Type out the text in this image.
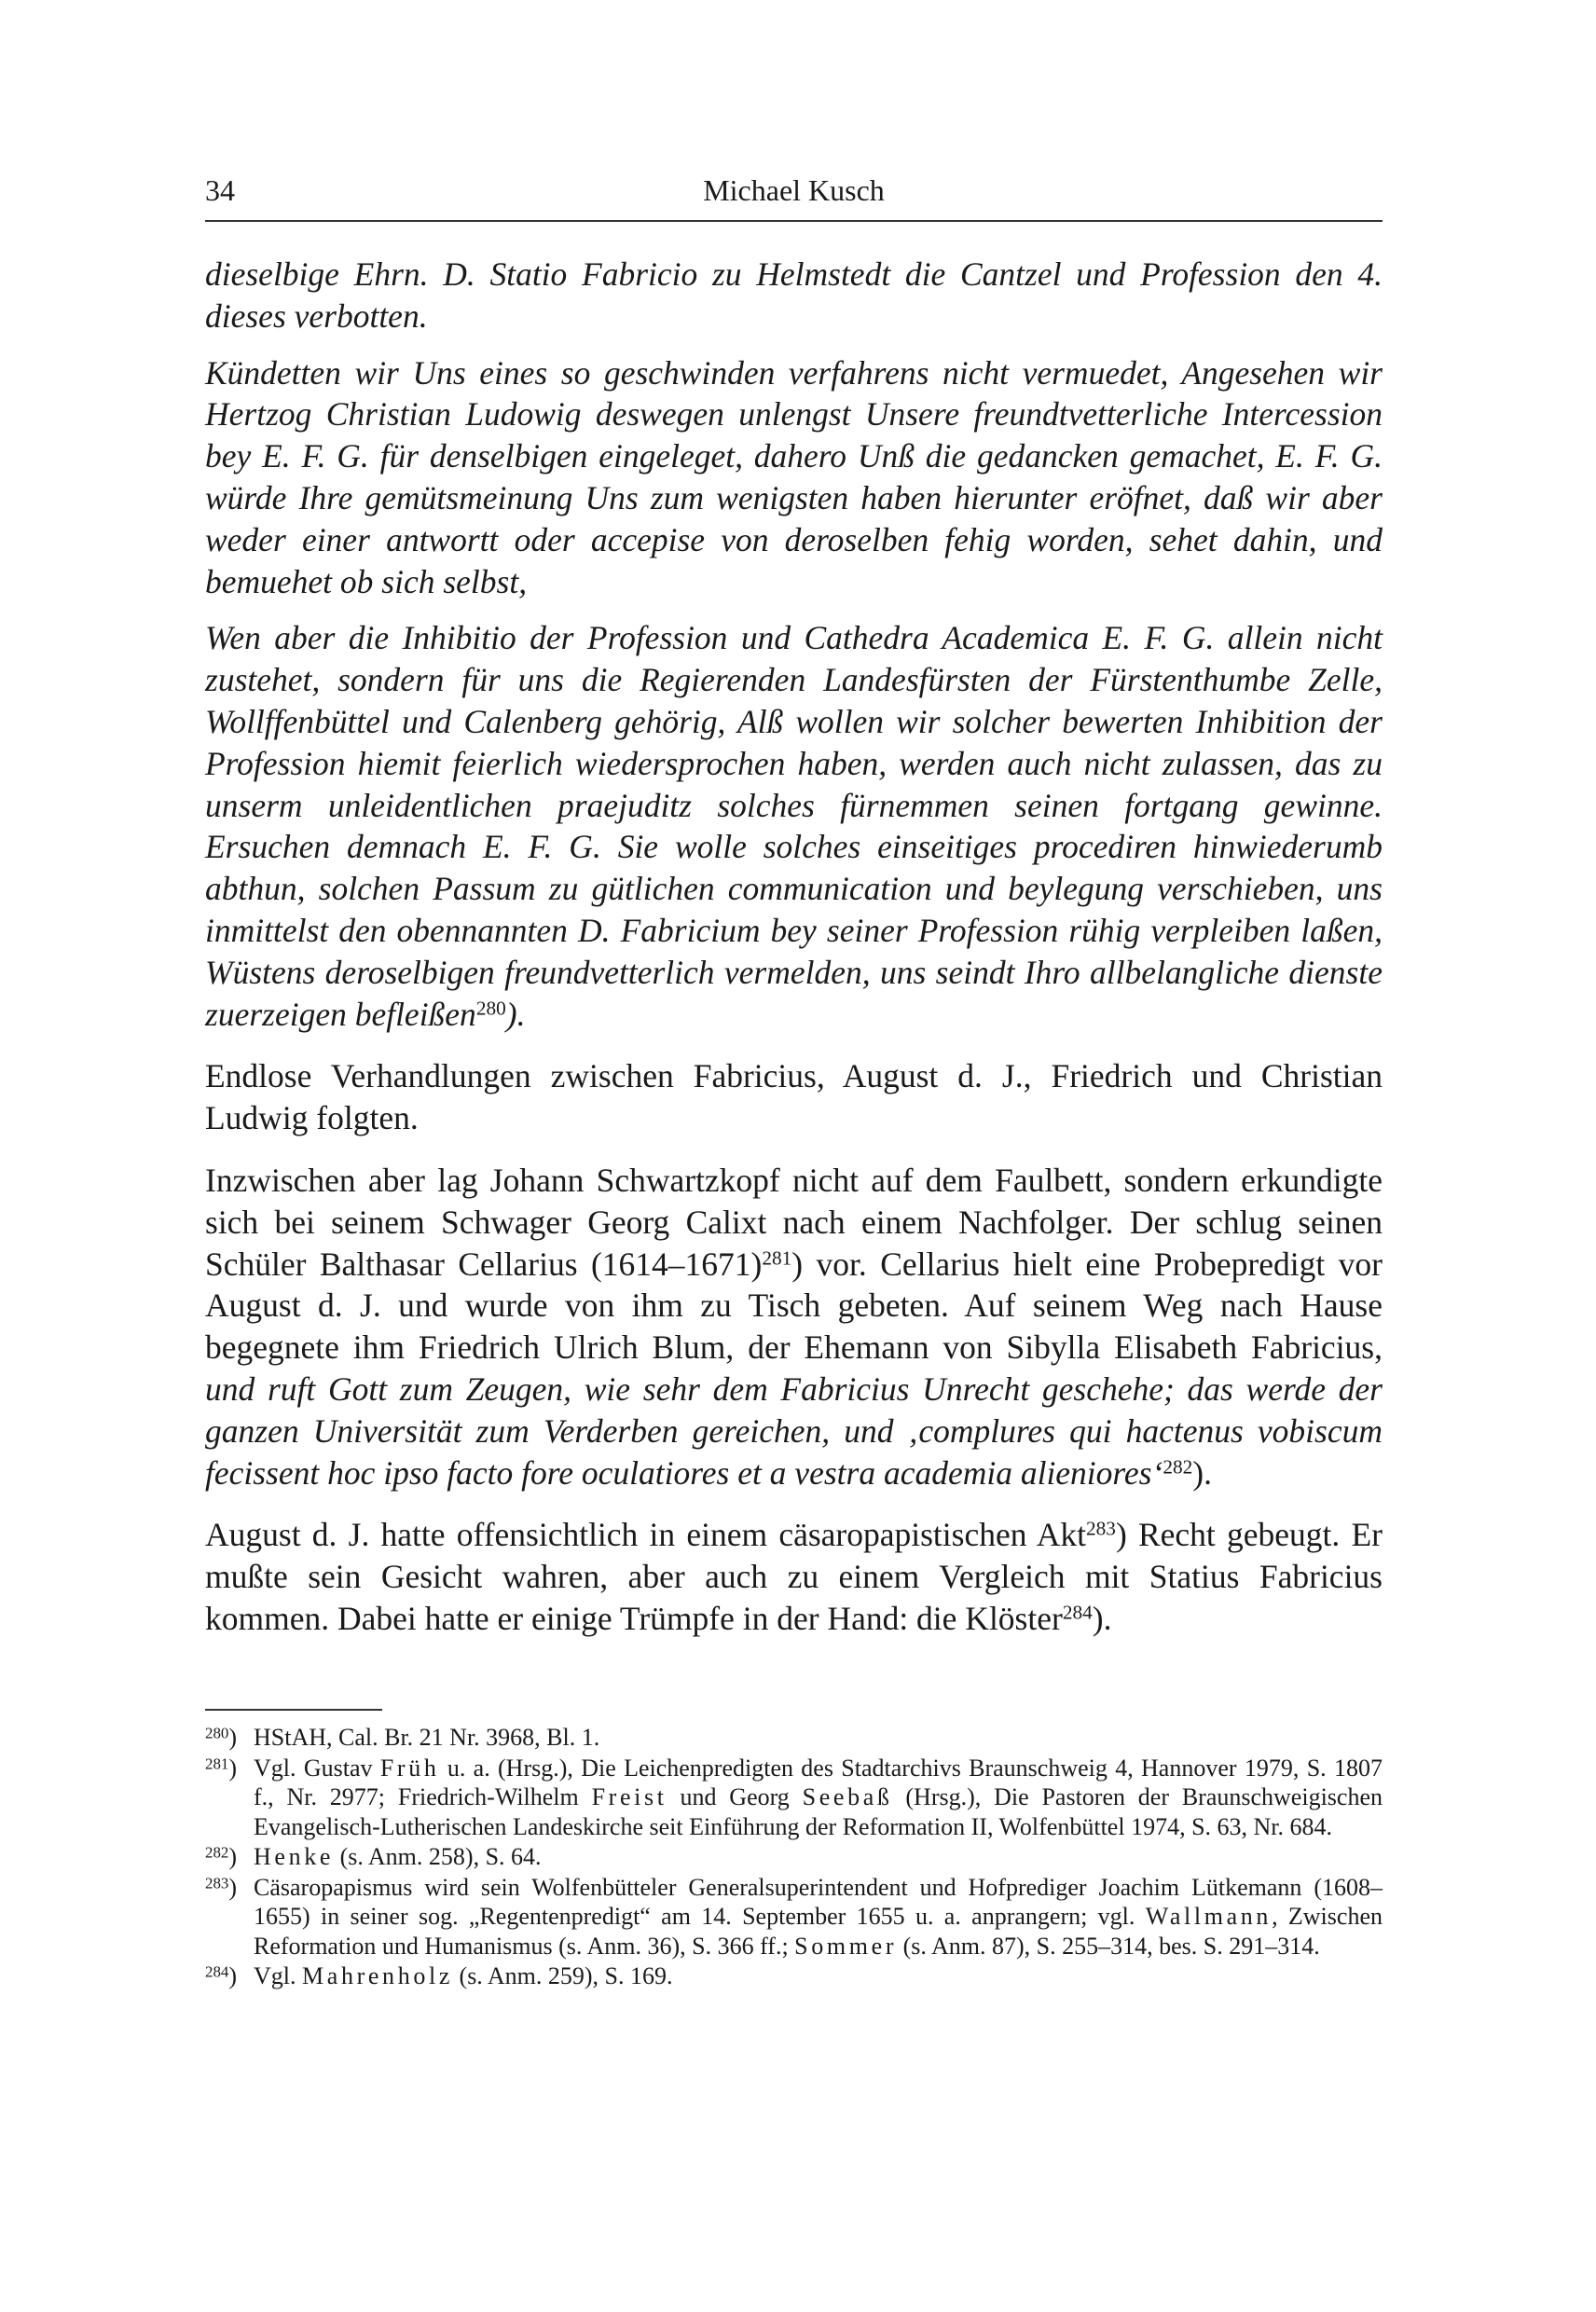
34	Michael Kusch

dieselbige Ehrn. D. Statio Fabricio zu Helmstedt die Cantzel und Profession den 4. dieses verbotten.

Kündetten wir Uns eines so geschwinden verfahrens nicht vermuedet, Angesehen wir Hertzog Christian Ludowig deswegen unlengst Unsere freundtvetterliche Intercession bey E. F. G. für denselbigen eingeleget, dahero Unß die gedancken gemachet, E. F. G. würde Ihre gemütsmeinung Uns zum wenigsten haben hierunter eröfnet, daß wir aber weder einer antwortt oder accepise von deroselben fehig worden, sehet dahin, und bemuehet ob sich selbst,

Wen aber die Inhibitio der Profession und Cathedra Academica E. F. G. allein nicht zustehet, sondern für uns die Regierenden Landesfürsten der Fürstenthumbe Zelle, Wollffenbüttel und Calenberg gehörig, Alß wollen wir solcher bewerten Inhibition der Profession hiemit feierlich wiedersprochen haben, werden auch nicht zulassen, das zu unserm unleidentlichen praejuditz solches fürnemmen seinen fortgang gewinne. Ersuchen demnach E. F. G. Sie wolle solches einseitiges procediren hinwiederumb abthun, solchen Passum zu gütlichen communication und beylegung verschieben, uns inmittelst den obennannten D. Fabricium bey seiner Profession rühig verpleiben laßen, Wüstens deroselbigen freundvetterlich vermelden, uns seindt Ihro allbelangliche dienste zuerzeigen befleißen$^{280}$).

Endlose Verhandlungen zwischen Fabricius, August d. J., Friedrich und Christian Ludwig folgten.

Inzwischen aber lag Johann Schwartzkopf nicht auf dem Faulbett, sondern erkundigte sich bei seinem Schwager Georg Calixt nach einem Nachfolger. Der schlug seinen Schüler Balthasar Cellarius (1614–1671)$^{281}$) vor. Cellarius hielt eine Probepredigt vor August d. J. und wurde von ihm zu Tisch gebeten. Auf seinem Weg nach Hause begegnete ihm Friedrich Ulrich Blum, der Ehemann von Sibylla Elisabeth Fabricius, und ruft Gott zum Zeugen, wie sehr dem Fabricius Unrecht geschehe; das werde der ganzen Universität zum Verderben gereichen, und ‚complures qui hactenus vobiscum fecissent hoc ipso facto fore oculatiores et a vestra academia alieniores‘$^{282}$).

August d. J. hatte offensichtlich in einem cäsaropapistischen Akt$^{283}$) Recht gebeugt. Er mußte sein Gesicht wahren, aber auch zu einem Vergleich mit Statius Fabricius kommen. Dabei hatte er einige Trümpfe in der Hand: die Klöster$^{284}$).

$^{280}$) HStAH, Cal. Br. 21 Nr. 3968, Bl. 1.
$^{281}$) Vgl. Gustav Früh u. a. (Hrsg.), Die Leichenpredigten des Stadtarchivs Braunschweig 4, Hannover 1979, S. 1807 f., Nr. 2977; Friedrich-Wilhelm Freist und Georg Seebaß (Hrsg.), Die Pastoren der Braunschweigischen Evangelisch-Lutherischen Landeskirche seit Einführung der Reformation II, Wolfenbüttel 1974, S. 63, Nr. 684.
$^{282}$) Henke (s. Anm. 258), S. 64.
$^{283}$) Cäsaropapismus wird sein Wolfenbütteler Generalsuperintendent und Hofprediger Joachim Lütkemann (1608–1655) in seiner sog. „Regentenpredigt“ am 14. September 1655 u. a. anprangern; vgl. Wallmann, Zwischen Reformation und Humanismus (s. Anm. 36), S. 366 ff.; Sommer (s. Anm. 87), S. 255–314, bes. S. 291–314.
$^{284}$) Vgl. Mahrenholz (s. Anm. 259), S. 169.
